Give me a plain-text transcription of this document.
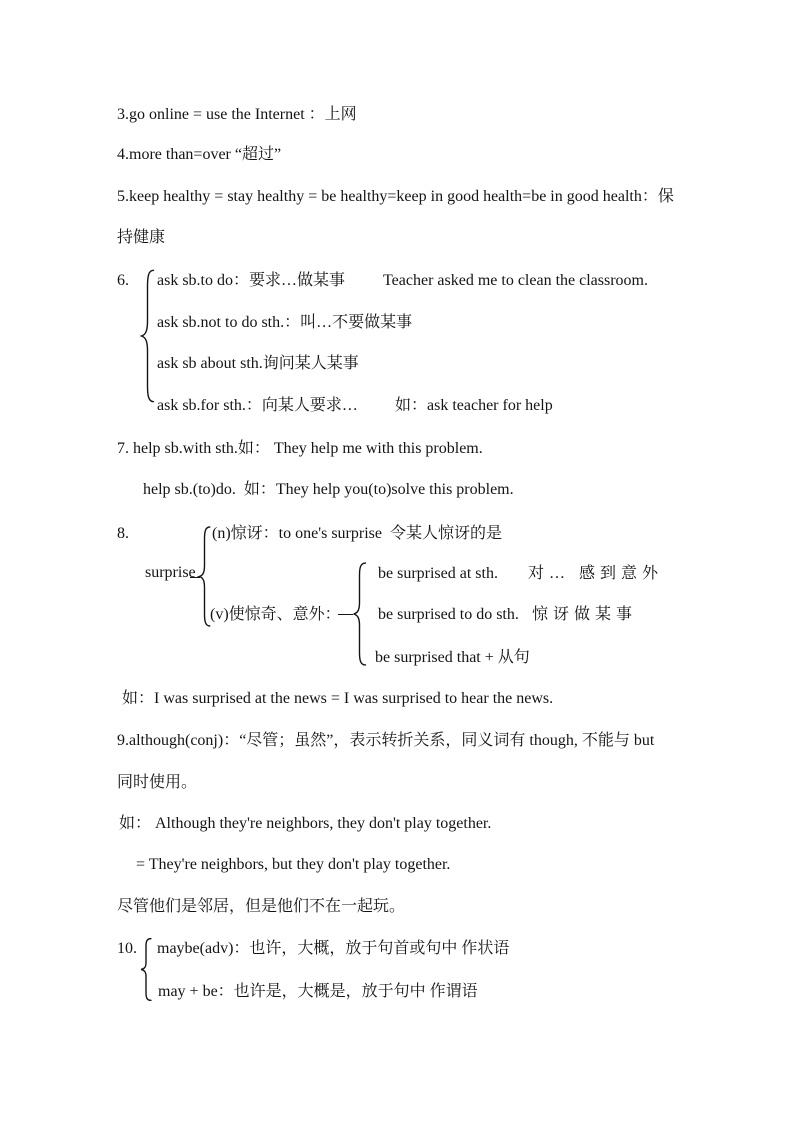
3.go online = use the Internet ：上网
4.more than=over “超过”
5.keep healthy = stay healthy = be healthy=keep in good health=be in good health：保
持健康
6. ask sb.to do：要求…做某事 Teacher asked me to clean the classroom.
ask sb.not to do sth.：叫…不要做某事
ask sb about sth.询问某人某事
ask sb.for sth.：向某人要求… 如：ask teacher for help
7. help sb.with sth.如： They help me with this problem.
help sb.(to)do.  如：They help you(to)solve this problem.
8.
surprise
(n)惊讶：to one's surprise  令某人惊讶的是
(v)使惊奇、意外：
be surprised at sth. 对… 感到意外
be surprised to do sth. 惊讶做某事
be surprised that + 从句
如：I was surprised at the news = I was surprised to hear the news.
9.although(conj)：“尽管；虽然”，表示转折关系，同义词有 though, 不能与 but
同时使用。
如： Although they're neighbors, they don't play together.
= They're neighbors, but they don't play together.
尽管他们是邻居，但是他们不在一起玩。
10. maybe(adv)：也许，大概，放于句首或句中 作状语
may + be：也许是，大概是，放于句中 作谓语
